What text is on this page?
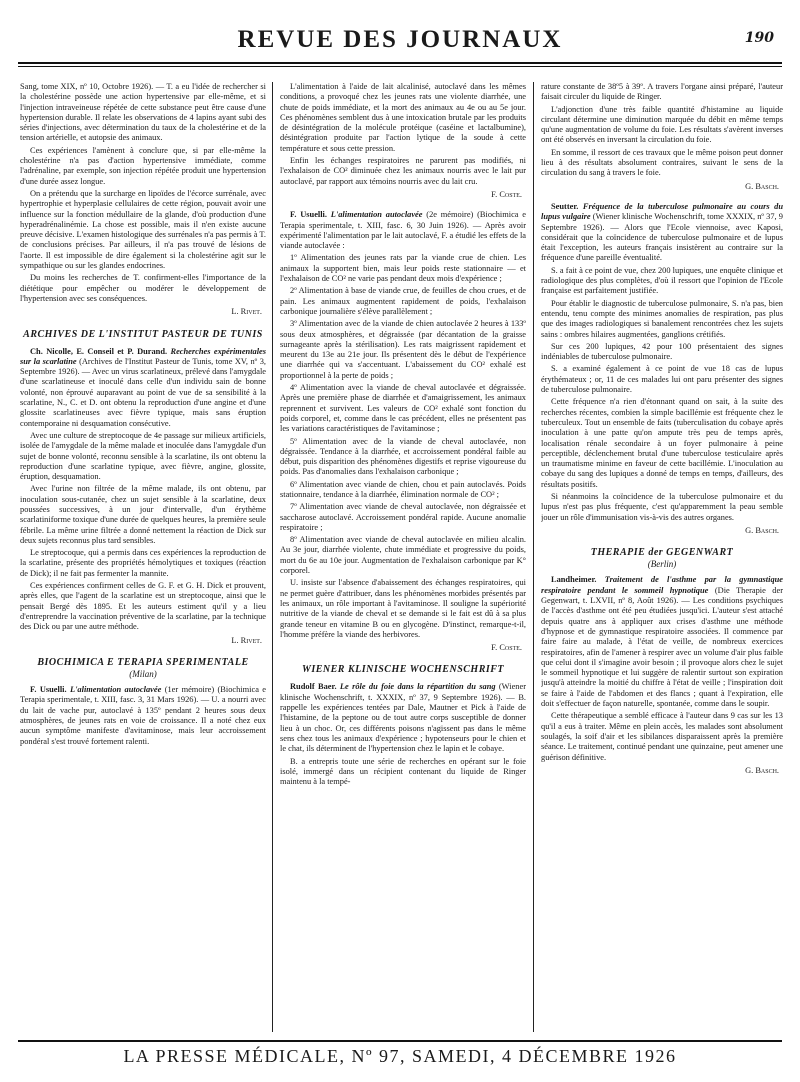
REVUE DES JOURNAUX	190

Sang, tome XIX, nº 10, Octobre 1926). — T. a eu l'idée de rechercher si la cholestérine possède une action hypertensive par elle-même, et si l'injection intraveineuse répétée de cette substance peut être cause d'une hypertension durable. Il relate les observations de 4 lapins ayant subi des séries d'injections, avec détermination du taux de la cholestérine et de la tension artérielle, et autopsie des animaux.

Ces expériences l'amènent à conclure que, si par elle-même la cholestérine n'a pas d'action hypertensive immédiate, comme l'adrénaline, par exemple, son injection répétée produit une hypertension d'une durée assez longue.

On a prétendu que la surcharge en lipoïdes de l'écorce surrénale, avec hypertrophie et hyperplasie cellulaires de cette région, pouvait avoir une influence sur la fonction médullaire de la glande, d'où production d'une hyperadrénalinémie. La chose est possible, mais il n'en existe aucune preuve décisive. L'examen histologique des surrénales n'a pas permis à T. de conclusions précises. Par ailleurs, il n'a pas trouvé de lésions de l'aorte. Il est impossible de dire également si la cholestérine agit sur le sympathique ou sur les glandes endocrines.

Du moins les recherches de T. confirment-elles l'importance de la diététique pour empêcher ou modérer le développement de l'hypertension avec ses conséquences.

L. Rivet.

ARCHIVES DE L'INSTITUT PASTEUR DE TUNIS

Ch. Nicolle, E. Conseil et P. Durand. Recherches expérimentales sur la scarlatine (Archives de l'Institut Pasteur de Tunis, tome XV, nº 3, Septembre 1926). — Avec un virus scarlatineux, prélevé dans l'amygdale d'une scarlatineuse et inoculé dans celle d'un individu sain de bonne volonté, non éprouvé auparavant au point de vue de sa sensibilité à la scarlatine, N., C. et D. ont obtenu la reproduction d'une angine et d'une glossite scarlatineuses avec fièvre typique, mais sans éruption contemporaine ni desquamation consécutive.

Avec une culture de streptocoque de 4e passage sur milieux artificiels, isolée de l'amygdale de la même malade et inoculée dans l'amygdale d'un sujet de bonne volonté, reconnu sensible à la scarlatine, ils ont obtenu la reproduction d'une scarlatine typique, avec fièvre, angine, glossite, éruption, desquamation.

Avec l'urine non filtrée de la même malade, ils ont obtenu, par inoculation sous-cutanée, chez un sujet sensible à la scarlatine, deux poussées successives, à un jour d'intervalle, d'un érythème scarlatiniforme toxique d'une durée de quelques heures, la première seule fébrile. La même urine filtrée a donné nettement la réaction de Dick sur deux sujets reconnus plus tard sensibles.

Le streptocoque, qui a permis dans ces expériences la reproduction de la scarlatine, présente des propriétés hémolytiques et toxiques (réaction de Dick); il ne fait pas fermenter la mannite.

Ces expériences confirment celles de G. F. et G. H. Dick et prouvent, après elles, que l'agent de la scarlatine est un streptocoque, ainsi que le pensait Bergé dès 1895. Et les auteurs estiment qu'il y a lieu d'entreprendre la vaccination préventive de la scarlatine, par la technique des Dick ou par une autre méthode.

L. Rivet.

BIOCHIMICA E TERAPIA SPERIMENTALE
(Milan)

F. Usuelli. L'alimentation autoclavée (1er mémoire) (Biochimica e Terapia sperimentale, t. XIII, fasc. 3, 31 Mars 1926). — U. a nourri avec du lait de vache pur, autoclavé à 135º pendant 2 heures sous deux atmosphères, de jeunes rats en voie de croissance. Il a noté chez eux aucun symptôme manifeste d'avitaminose, mais leur accroissement pondéral s'est trouvé fortement ralenti.

L'alimentation à l'aide de lait alcalinisé, autoclavé dans les mêmes conditions, a provoqué chez les jeunes rats une violente diarrhée, une chute de poids immédiate, et la mort des animaux au 4e ou au 5e jour. Ces phénomènes semblent dus à une intoxication brutale par les produits de désintégration de la molécule protéique (caséine et lactalbumine), désintégration produite par l'action lytique de la soude à cette température et sous cette pression.

Enfin les échanges respiratoires ne parurent pas modifiés, ni l'exhalaison de CO² diminuée chez les animaux nourris avec le lait pur autoclavé, par rapport aux témoins nourris avec du lait cru.

F. Coste.

F. Usuelli. L'alimentation autoclavée (2e mémoire) (Biochimica e Terapia sperimentale, t. XIII, fasc. 6, 30 Juin 1926). — Après avoir expérimenté l'alimentation par le lait autoclavé, F. a étudié les effets de la viande autoclavée :

1º Alimentation des jeunes rats par la viande crue de chien. Les animaux la supportent bien, mais leur poids reste stationnaire — et l'exhalaison de CO² ne varie pas pendant deux mois d'expérience ;

2º Alimentation à base de viande crue, de feuilles de chou crues, et de pain. Les animaux augmentent rapidement de poids, l'exhalaison carbonique journalière s'élève parallèlement ;

3º Alimentation avec de la viande de chien autoclavée 2 heures à 133º sous deux atmosphères, et dégraissée (par décantation de la graisse surnageante après la stérilisation). Les rats maigrissent rapidement et meurent du 13e au 21e jour. Ils présentent dès le début de l'expérience une diarrhée qui va s'accentuant. L'abaissement du CO² exhalé est proportionnel à la perte de poids ;

4º Alimentation avec la viande de cheval autoclavée et dégraissée. Après une première phase de diarrhée et d'amaigrissement, les animaux reprennent et survivent. Les valeurs de CO² exhalé sont fonction du poids corporel, et, comme dans le cas précédent, elles ne présentent pas les variations caractéristiques de l'avitaminose ;

5º Alimentation avec de la viande de cheval autoclavée, non dégraissée. Tendance à la diarrhée, et accroissement pondéral faible au début, puis disparition des phénomènes digestifs et reprise vigoureuse du poids. Pas d'anomalies dans l'exhalaison carbonique ;

6º Alimentation avec viande de chien, chou et pain autoclavés. Poids stationnaire, tendance à la diarrhée, élimination normale de CO² ;

7º Alimentation avec viande de cheval autoclavée, non dégraissée et saccharose autoclavé. Accroissement pondéral rapide. Aucune anomalie respiratoire ;

8º Alimentation avec viande de cheval autoclavée en milieu alcalin. Au 3e jour, diarrhée violente, chute immédiate et progressive du poids, mort du 6e au 10e jour. Augmentation de l'exhalaison carbonique par K° corporel.

U. insiste sur l'absence d'abaissement des échanges respiratoires, qui ne permet guère d'attribuer, dans les phénomènes morbides présentés par les animaux, un rôle important à l'avitaminose. Il souligne la supériorité nutritive de la viande de cheval et se demande si le fait est dû à sa plus grande teneur en vitamine B ou en glycogène. D'instinct, remarque-t-il, l'homme préfère la viande des herbivores.

F. Coste.

WIENER KLINISCHE WOCHENSCHRIFT

Rudolf Baer. Le rôle du foie dans la répartition du sang (Wiener klinische Wochenschrift, t. XXXIX, nº 37, 9 Septembre 1926). — B. rappelle les expériences tentées par Dale, Mautner et Pick à l'aide de l'histamine, de la peptone ou de tout autre corps susceptible de donner lieu à un choc. Or, ces différents poisons n'agissent pas dans le même sens chez tous les animaux d'expérience ; hypotenseurs pour le chien et le chat, ils déterminent de l'hypertension chez le lapin et le cobaye.

B. a entrepris toute une série de recherches en opérant sur le foie isolé, immergé dans un récipient contenant du liquide de Ringer maintenu à la tempé-

rature constante de 38º5 à 39º. A travers l'organe ainsi préparé, l'auteur faisait circuler du liquide de Ringer.

L'adjonction d'une très faible quantité d'histamine au liquide circulant détermine une diminution marquée du débit en même temps qu'une augmentation de volume du foie. Les résultats s'avèrent inverses ont été observés en inversant la circulation du foie.

En somme, il ressort de ces travaux que le même poison peut donner lieu à des résultats absolument contraires, suivant le sens de la circulation du sang à travers le foie.

G. Basch.

Seutter. Fréquence de la tuberculose pulmonaire au cours du lupus vulgaire (Wiener klinische Wochenschrift, tome XXXIX, nº 37, 9 Septembre 1926). — Alors que l'Ecole viennoise, avec Kaposi, considérait que la coïncidence de tuberculose pulmonaire et de lupus était l'exception, les auteurs français insistèrent au contraire sur la fréquence d'une pareille éventualité.

S. a fait à ce point de vue, chez 200 lupiques, une enquête clinique et radiologique des plus complètes, d'où il ressort que l'opinion de l'Ecole française est parfaitement justifiée.

Pour établir le diagnostic de tuberculose pulmonaire, S. n'a pas, bien entendu, tenu compte des minimes anomalies de respiration, pas plus que des images radiologiques si banalement rencontrées chez les sujets sains : ombres hilaires augmentées, ganglions crétifiés.

Sur ces 200 lupiques, 42 pour 100 présentaient des signes indéniables de tuberculose pulmonaire.

S. a examiné également à ce point de vue 18 cas de lupus érythémateux ; or, 11 de ces malades lui ont paru présenter des signes de tuberculose pulmonaire.

Cette fréquence n'a rien d'étonnant quand on sait, à la suite des recherches récentes, combien la simple bacillémie est fréquente chez le tuberculeux. Tout un ensemble de faits (tuberculisation du cobaye après inoculation à une patte qu'on ampute très peu de temps après, localisation rénale secondaire à un foyer pulmonaire à peine perceptible, déclenchement brutal d'une tuberculose testiculaire après un traumatisme minime en faveur de cette bacillémie. L'inoculation au cobaye du sang des lupiques a donné de temps en temps, d'ailleurs, des résultats positifs.

Si néanmoins la coïncidence de la tuberculose pulmonaire et du lupus n'est pas plus fréquente, c'est qu'apparemment la peau semble jouer un rôle d'immunisation vis-à-vis des autres organes.

G. Basch.

THERAPIE der GEGENWART
(Berlin)

Landheimer. Traitement de l'asthme par la gymnastique respiratoire pendant le sommeil hypnotique (Die Therapie der Gegenwart, t. LXVII, nº 8, Août 1926). — Les conditions psychiques de l'accès d'asthme ont été peu étudiées jusqu'ici. L'auteur s'est attaché depuis quatre ans à appliquer aux crises d'asthme une méthode d'hypnose et de gymnastique respiratoire associées. Il commence par faire faire au malade, à l'état de veille, de nombreux exercices respiratoires, afin de l'amener à respirer avec un volume d'air plus faible que celui dont il s'imagine avoir besoin ; il provoque alors chez le sujet le sommeil hypnotique et lui suggère de ralentir surtout son expiration jusqu'à atteindre la moitié du chiffre à l'état de veille ; l'inspiration doit se faire à l'aide de l'abdomen et des flancs ; quant à l'expiration, elle doit s'effectuer de façon naturelle, spontanée, comme dans le soupir.

Cette thérapeutique a semblé efficace à l'auteur dans 9 cas sur les 13 qu'il a eus à traiter. Même en plein accès, les malades sont absolument soulagés, la soif d'air et les sibilances disparaissent après la première séance. Le traitement, continué pendant une quinzaine, peut amener une guérison définitive.

G. Basch.

LA PRESSE MÉDICALE, Nº 97, SAMEDI, 4 DÉCEMBRE 1926
